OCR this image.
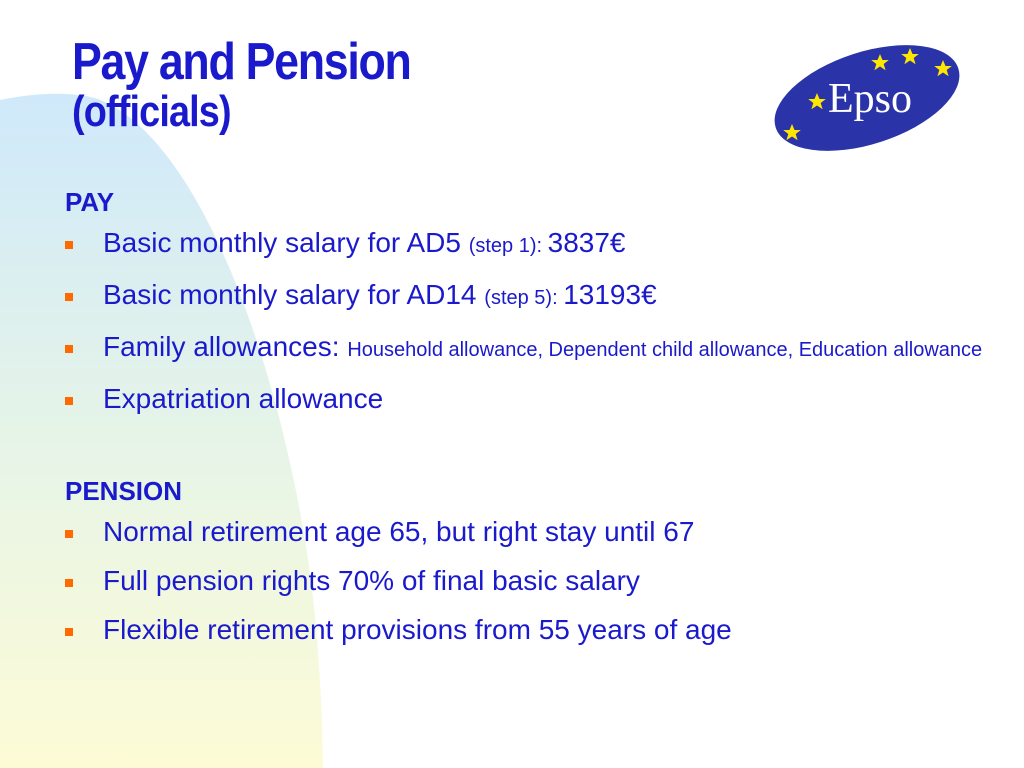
Pay and Pension
(officials)	Epso
PAY
Basic monthly salary for AD5 (step 1): 3837€
Basic monthly salary for AD14 (step 5): 13193€
Family allowances: Household allowance, Dependent child allowance, Education allowance
Expatriation allowance
PENSION
Normal retirement age 65, but right stay until 67
Full pension rights 70% of final basic salary
Flexible retirement provisions from 55 years of age
